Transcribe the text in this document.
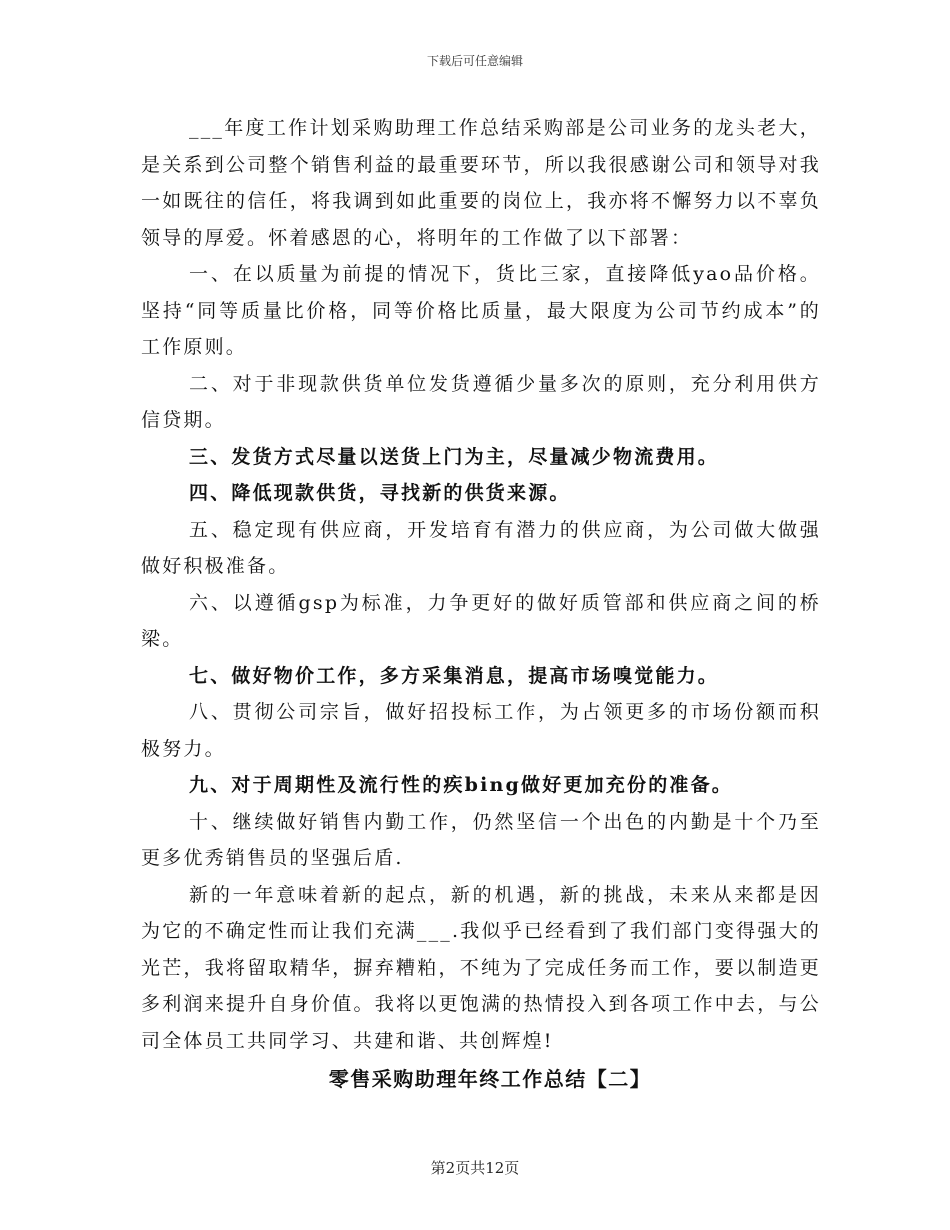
下载后可任意编辑

___年度工作计划采购助理工作总结采购部是公司业务的龙头老大，是关系到公司整个销售利益的最重要环节，所以我很感谢公司和领导对我一如既往的信任，将我调到如此重要的岗位上，我亦将不懈努力以不辜负领导的厚爱。怀着感恩的心，将明年的工作做了以下部署：

一、在以质量为前提的情况下，货比三家，直接降低yao品价格。坚持“同等质量比价格，同等价格比质量，最大限度为公司节约成本”的工作原则。

二、对于非现款供货单位发货遵循少量多次的原则，充分利用供方信贷期。

三、发货方式尽量以送货上门为主，尽量减少物流费用。

四、降低现款供货，寻找新的供货来源。

五、稳定现有供应商，开发培育有潜力的供应商，为公司做大做强做好积极准备。

六、以遵循gsp为标准，力争更好的做好质管部和供应商之间的桥梁。

七、做好物价工作，多方采集消息，提高市场嗅觉能力。

八、贯彻公司宗旨，做好招投标工作，为占领更多的市场份额而积极努力。

九、对于周期性及流行性的疾bing做好更加充份的准备。

十、继续做好销售内勤工作，仍然坚信一个出色的内勤是十个乃至更多优秀销售员的坚强后盾.

新的一年意味着新的起点，新的机遇，新的挑战，未来从来都是因为它的不确定性而让我们充满___.我似乎已经看到了我们部门变得强大的光芒，我将留取精华，摒弃糟粕，不纯为了完成任务而工作，要以制造更多利润来提升自身价值。我将以更饱满的热情投入到各项工作中去，与公司全体员工共同学习、共建和谐、共创辉煌!

零售采购助理年终工作总结【二】

第2页共12页
